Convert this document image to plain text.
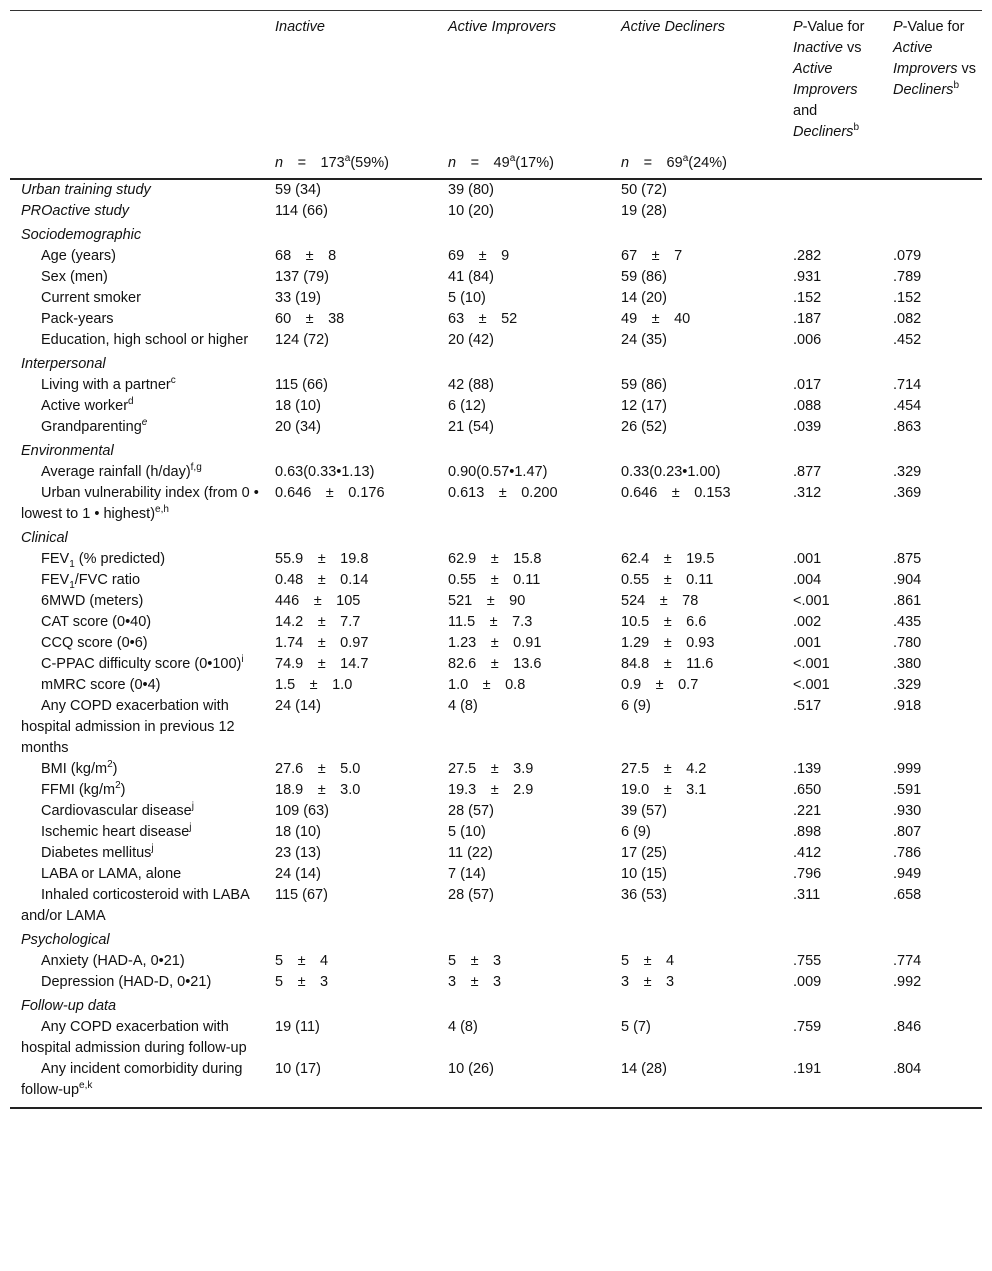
	Inactive	Active Improvers	Active Decliners	P-Value for Inactive vs Active Improvers and Decliners$^b$	P-Value for Active Improvers vs Decliners$^b$
	n  =  173$^a$(59%)	n  =  49$^a$(17%)	n  =  69$^a$(24%)		
Urban training study	59 (34)	39 (80)	50 (72)		
PROactive study	114 (66)	10 (20)	19 (28)		
Sociodemographic					
Age (years)	68 ± 8	69 ± 9	67 ± 7	.282	.079
Sex (men)	137 (79)	41 (84)	59 (86)	.931	.789
Current smoker	33 (19)	5 (10)	14 (20)	.152	.152
Pack-years	60 ± 38	63 ± 52	49 ± 40	.187	.082
Education, high school or higher	124 (72)	20 (42)	24 (35)	.006	.452
Interpersonal					
Living with a partner$^c$	115 (66)	42 (88)	59 (86)	.017	.714
Active worker$^d$	18 (10)	6 (12)	12 (17)	.088	.454
Grandparenting$^e$	20 (34)	21 (54)	26 (52)	.039	.863
Environmental					
Average rainfall $(h/day)^{f,g}$	0.63(0.33•1.13)	0.90(0.57•1.47)	0.33(0.23•1.00)	.877	.329
Urban vulnerability index (from 0 • lowest to 1 • highest)$^{e,h}$	0.646 ± 0.176	0.613 ± 0.200	0.646 ± 0.153	.312	.369
Clinical					
$FEV_1$ (% predicted)	55.9 ± 19.8	62.9 ± 15.8	62.4 ± 19.5	.001	.875
$FEV_1$/FVC ratio	0.48 ± 0.14	0.55 ± 0.11	0.55 ± 0.11	.004	.904
6MWD (meters)	446 ± 105	521 ± 90	524 ± 78	<.001	.861
CAT score (0•40)	14.2 ± 7.7	11.5 ± 7.3	10.5 ± 6.6	.002	.435
CCQ score (0•6)	1.74 ± 0.97	1.23 ± 0.91	1.29 ± 0.93	.001	.780
C-PPAC difficulty score (0•100)$^i$	74.9 ± 14.7	82.6 ± 13.6	84.8 ± 11.6	<.001	.380
mMRC score (0•4)	1.5 ± 1.0	1.0 ± 0.8	0.9 ± 0.7	<.001	.329
Any COPD exacerbation with hospital admission in previous 12 months	24 (14)	4 (8)	6 (9)	.517	.918
BMI $(kg/m^2)$	27.6 ± 5.0	27.5 ± 3.9	27.5 ± 4.2	.139	.999
FFMI $(kg/m^2)$	18.9 ± 3.0	19.3 ± 2.9	19.0 ± 3.1	.650	.591
Cardiovascular disease$^j$	109 (63)	28 (57)	39 (57)	.221	.930
Ischemic heart disease$^j$	18 (10)	5 (10)	6 (9)	.898	.807
Diabetes mellitus$^j$	23 (13)	11 (22)	17 (25)	.412	.786
LABA or LAMA, alone	24 (14)	7 (14)	10 (15)	.796	.949
Inhaled corticosteroid with LABA and/or LAMA	115 (67)	28 (57)	36 (53)	.311	.658
Psychological					
Anxiety (HAD-A, 0•21)	5 ± 4	5 ± 3	5 ± 4	.755	.774
Depression (HAD-D, 0•21)	5 ± 3	3 ± 3	3 ± 3	.009	.992
Follow-up data					
Any COPD exacerbation with hospital admission during follow-up	19 (11)	4 (8)	5 (7)	.759	.846
Any incident comorbidity during follow-up$^{e,k}$	10 (17)	10 (26)	14 (28)	.191	.804
